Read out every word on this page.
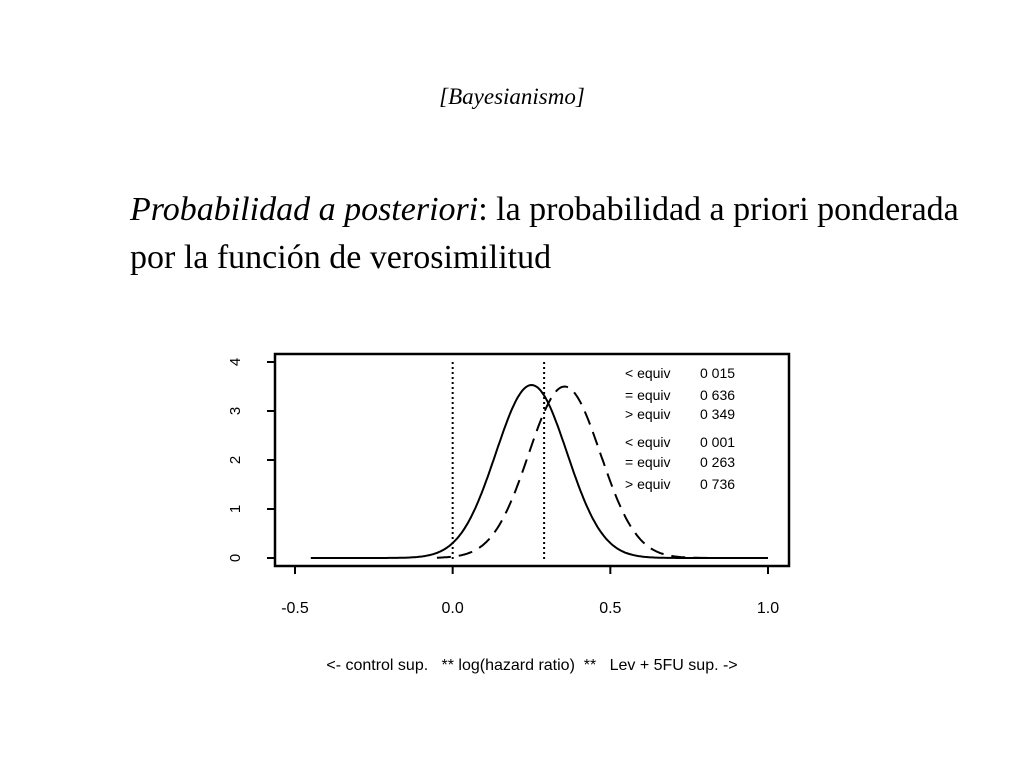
[Bayesianismo]
Probabilidad a posteriori: la probabilidad a priori ponderada por la función de verosimilitud
-0.5	0.0	0.5	1.0
0
1
2
3
4
< equiv 0 015
= equiv 0 636
> equiv 0 349
< equiv 0 001
= equiv 0 263
> equiv 0 736
<- control sup.   ** log(hazard ratio)  **   Lev + 5FU sup. ->
